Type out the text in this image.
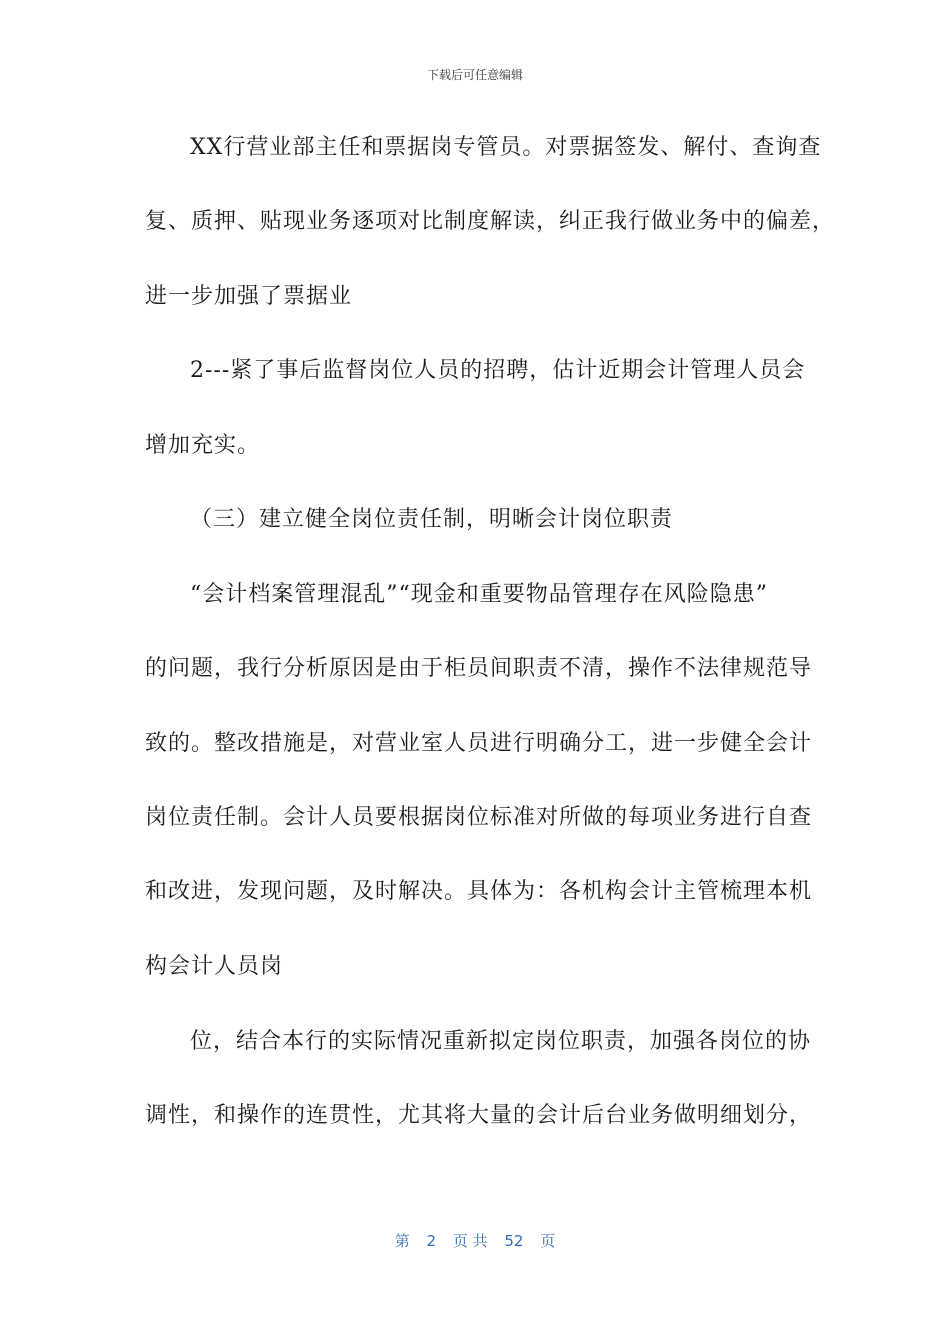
下载后可任意编辑
XX行营业部主任和票据岗专管员。对票据签发、解付、查询查
复、质押、贴现业务逐项对比制度解读，纠正我行做业务中的偏差，
进一步加强了票据业
2---紧了事后监督岗位人员的招聘，估计近期会计管理人员会
增加充实。
（三）建立健全岗位责任制，明晰会计岗位职责
“会计档案管理混乱”“现金和重要物品管理存在风险隐患”
的问题，我行分析原因是由于柜员间职责不清，操作不法律规范导
致的。整改措施是，对营业室人员进行明确分工，进一步健全会计
岗位责任制。会计人员要根据岗位标准对所做的每项业务进行自查
和改进，发现问题，及时解决。具体为：各机构会计主管梳理本机
构会计人员岗
位，结合本行的实际情况重新拟定岗位职责，加强各岗位的协
调性，和操作的连贯性，尤其将大量的会计后台业务做明细划分，
第 2 页 共 52 页
